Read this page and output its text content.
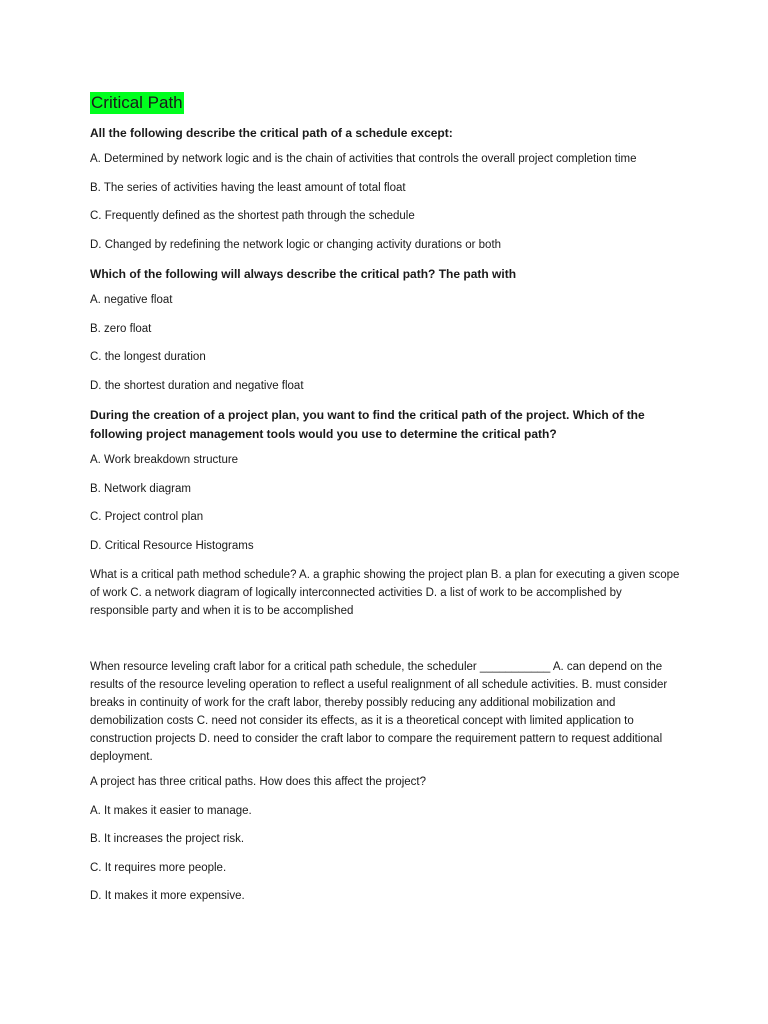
Critical Path
All the following describe the critical path of a schedule except:
A. Determined by network logic and is the chain of activities that controls the overall project completion time
B. The series of activities having the least amount of total float
C. Frequently defined as the shortest path through the schedule
D. Changed by redefining the network logic or changing activity durations or both
Which of the following will always describe the critical path? The path with
A. negative float
B. zero float
C. the longest duration
D. the shortest duration and negative float
During the creation of a project plan, you want to find the critical path of the project. Which of the following project management tools would you use to determine the critical path?
A. Work breakdown structure
B. Network diagram
C. Project control plan
D. Critical Resource Histograms
What is a critical path method schedule? A. a graphic showing the project plan B. a plan for executing a given scope of work C. a network diagram of logically interconnected activities D. a list of work to be accomplished by responsible party and when it is to be accomplished
When resource leveling craft labor for a critical path schedule, the scheduler ___________ A. can depend on the results of the resource leveling operation to reflect a useful realignment of all schedule activities. B. must consider breaks in continuity of work for the craft labor, thereby possibly reducing any additional mobilization and demobilization costs C. need not consider its effects, as it is a theoretical concept with limited application to construction projects D. need to consider the craft labor to compare the requirement pattern to request additional deployment.
A project has three critical paths. How does this affect the project?
A. It makes it easier to manage.
B. It increases the project risk.
C. It requires more people.
D. It makes it more expensive.
